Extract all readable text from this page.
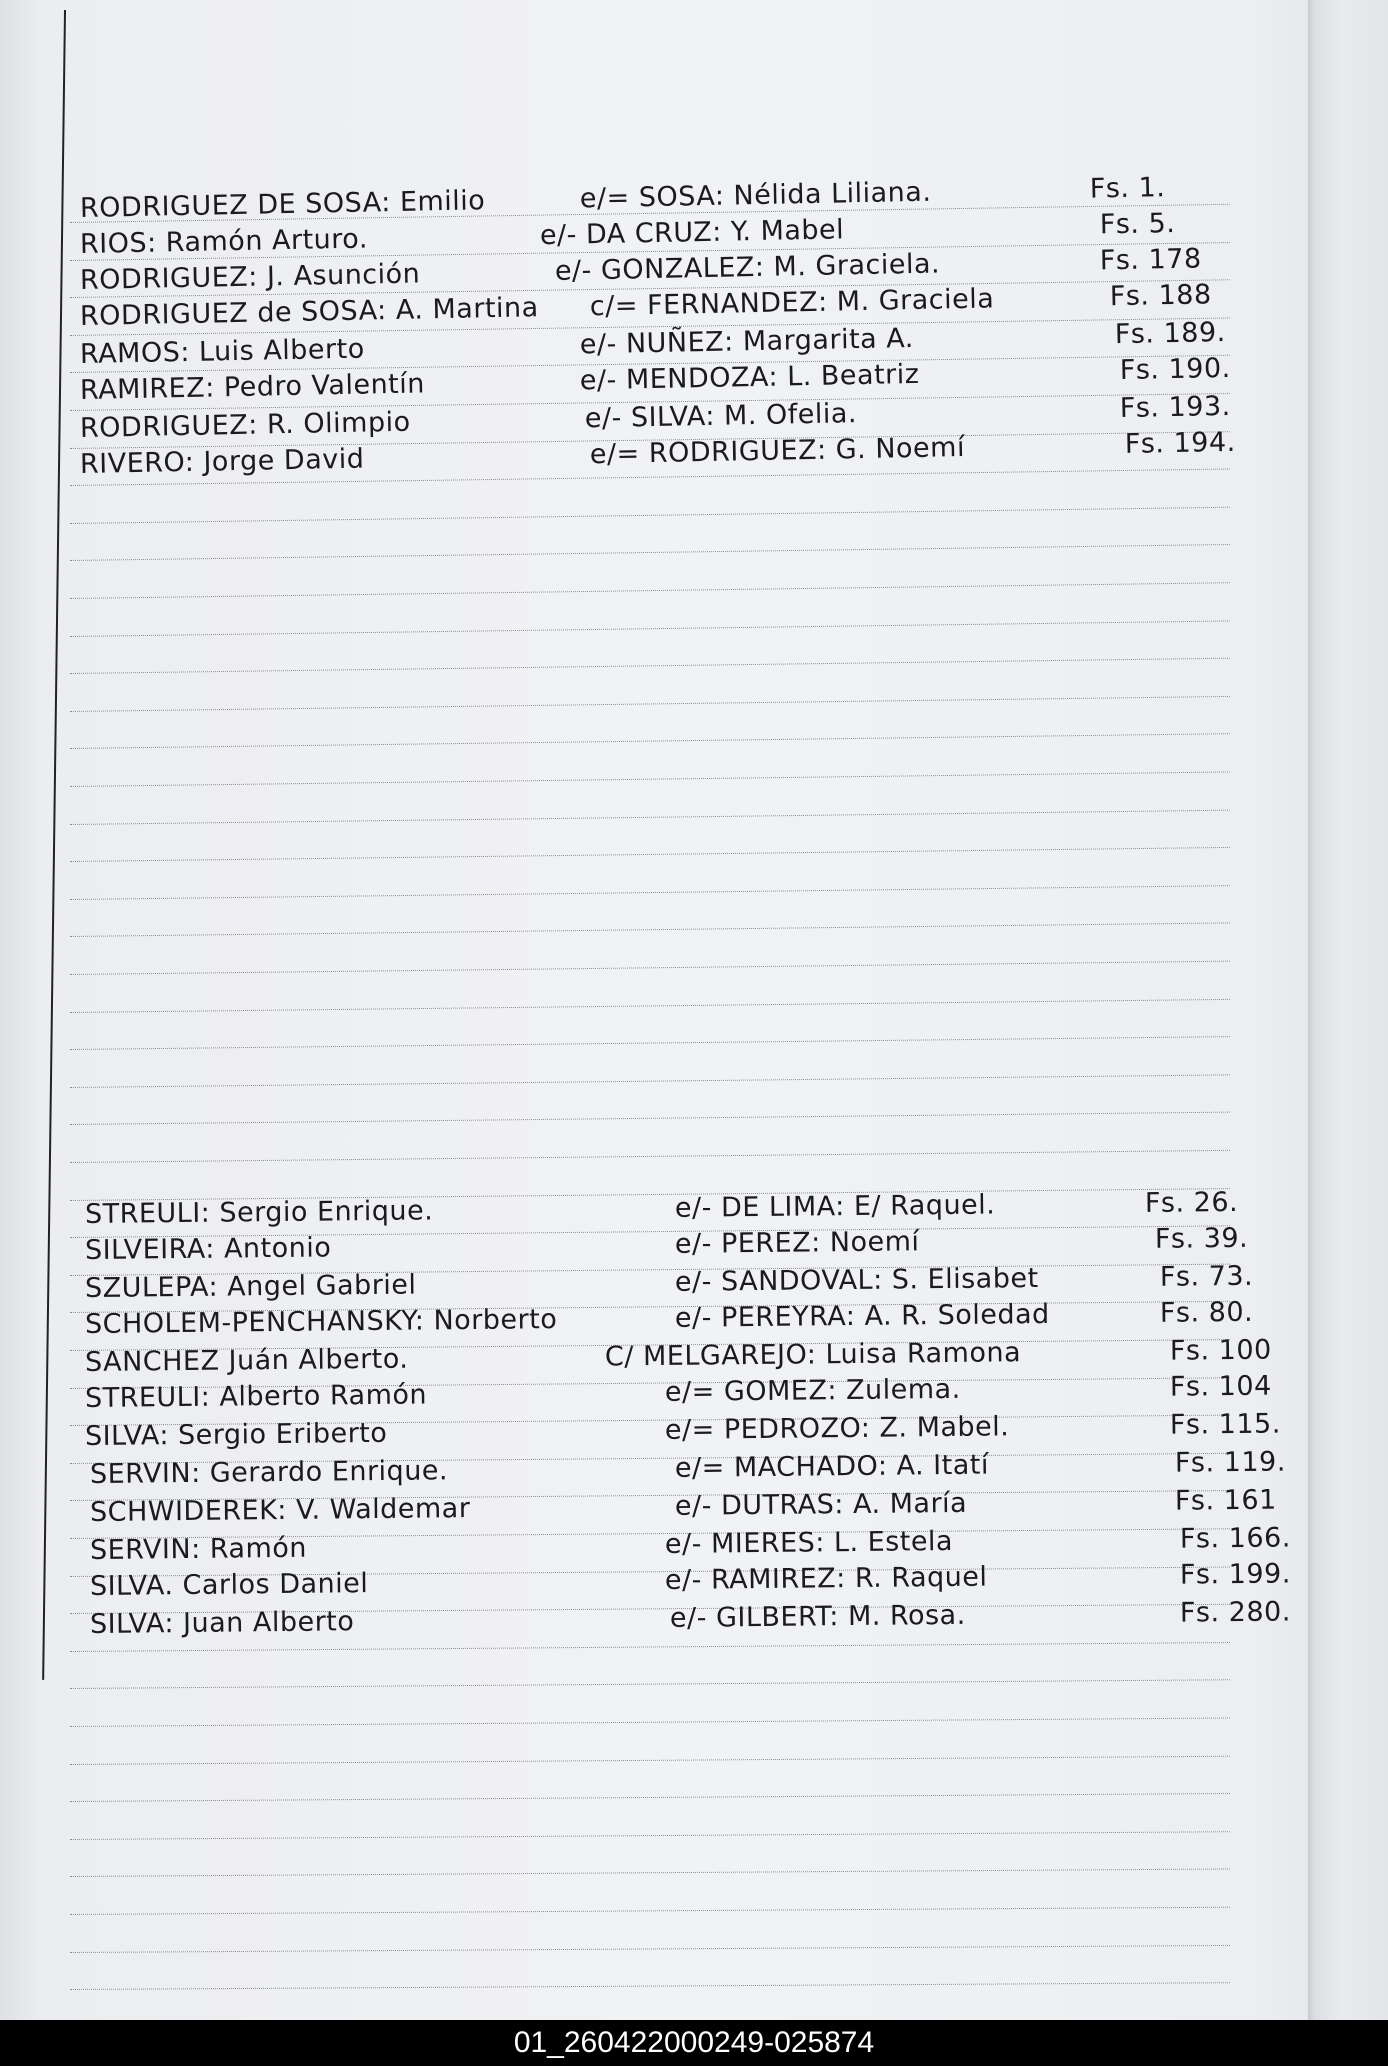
RODRIGUEZ DE SOSA: Emilio	e/= SOSA: Nélida Liliana.	Fs. 1.
RIOS: Ramón Arturo.	e/- DA CRUZ: Y. Mabel	Fs. 5.
RODRIGUEZ: J. Asunción	e/- GONZALEZ: M. Graciela.	Fs. 178
RODRIGUEZ de SOSA: A. Martina c/= FERNANDEZ: M. Graciela	Fs. 188
RAMOS: Luis Alberto	e/- NUÑEZ: Margarita A.	Fs. 189.
RAMIREZ: Pedro Valentín	e/- MENDOZA: L. Beatriz	Fs. 190.
RODRIGUEZ: R. Olimpio	e/- SILVA: M. Ofelia.	Fs. 193.
RIVERO: Jorge David	e/= RODRIGUEZ: G. Noemí	Fs. 194.
STREULI: Sergio Enrique.	e/- DE LIMA: E/ Raquel.	Fs. 26.
SILVEIRA: Antonio	e/- PEREZ: Noemí	Fs. 39.
SZULEPA: Angel Gabriel	e/- SANDOVAL: S. Elisabet	Fs. 73.
SCHOLEM-PENCHANSKY: Norberto	e/- PEREYRA: A. R. Soledad	Fs. 80.
SANCHEZ Juán Alberto.	C/ MELGAREJO: Luisa Ramona	Fs. 100
STREULI: Alberto Ramón	e/= GOMEZ: Zulema.	Fs. 104
SILVA: Sergio Eriberto	e/= PEDROZO: Z. Mabel.	Fs. 115.
SERVIN: Gerardo Enrique.	e/= MACHADO: A. Itatí	Fs. 119.
SCHWIDEREK: V. Waldemar	e/- DUTRAS: A. María	Fs. 161
SERVIN: Ramón	e/- MIERES: L. Estela	Fs. 166.
SILVA. Carlos Daniel	e/- RAMIREZ: R. Raquel	Fs. 199.
SILVA: Juan Alberto	e/- GILBERT: M. Rosa.	Fs. 280.
01_260422000249-025874
